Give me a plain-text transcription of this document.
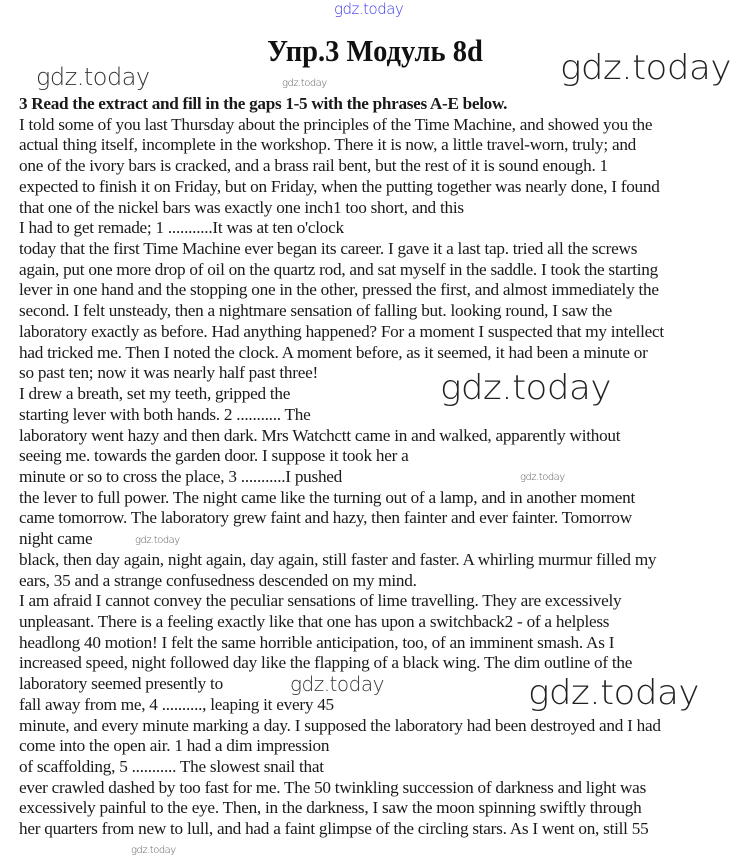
gdz.today
Упр.3 Модуль 8d
gdz.today	gdz.today
3 Read the extract and fill in the gaps 1-5 with the phrases A-E below.
I told some of you last Thursday about the principles of the Time Machine, and showed you the
actual thing itself, incomplete in the workshop. There it is now, a little travel-worn, truly; and
one of the ivory bars is cracked, and a brass rail bent, but the rest of it is sound enough. 1
expected to finish it on Friday, but on Friday, when the putting together was nearly done, I found
that one of the nickel bars was exactly one inch1 too short, and this
I had to get remade; 1 ...........It was at ten o'clock
today that the first Time Machine ever began its career. I gave it a last tap. tried all the screws
again, put one more drop of oil on the quartz rod, and sat myself in the saddle. I took the starting
lever in one hand and the stopping one in the other, pressed the first, and almost immediately the
second. I felt unsteady, then a nightmare sensation of falling but. looking round, I saw the
laboratory exactly as before. Had anything happened? For a moment I suspected that my intellect
had tricked me. Then I noted the clock. A moment before, as it seemed, it had been a minute or
so past ten; now it was nearly half past three!
I drew a breath, set my teeth, gripped the
starting lever with both hands. 2 ........... The
laboratory went hazy and then dark. Mrs Watchctt came in and walked, apparently without
seeing me. towards the garden door. I suppose it took her a
minute or so to cross the place, 3 ...........I pushed
the lever to full power. The night came like the turning out of a lamp, and in another moment
came tomorrow. The laboratory grew faint and hazy, then fainter and ever fainter. Tomorrow
night came
black, then day again, night again, day again, still faster and faster. A whirling murmur filled my
ears, 35 and a strange confusedness descended on my mind.
I am afraid I cannot convey the peculiar sensations of lime travelling. They are excessively
unpleasant. There is a feeling exactly like that one has upon a switchback2 - of a helpless
headlong 40 motion! I felt the same horrible anticipation, too, of an imminent smash. As I
increased speed, night followed day like the flapping of a black wing. The dim outline of the
laboratory seemed presently to
fall away from me, 4 .........., leaping it every 45
minute, and every minute marking a day. I supposed the laboratory had been destroyed and I had
come into the open air. 1 had a dim impression
of scaffolding, 5 ........... The slowest snail that
ever crawled dashed by too fast for me. The 50 twinkling succession of darkness and light was
excessively painful to the eye. Then, in the darkness, I saw the moon spinning swiftly through
her quarters from new to lull, and had a faint glimpse of the circling stars. As I went on, still 55
gdz.today
gdz.today
gdz.today
gdz.today
gdz.today	gdz.today
gdz.today
